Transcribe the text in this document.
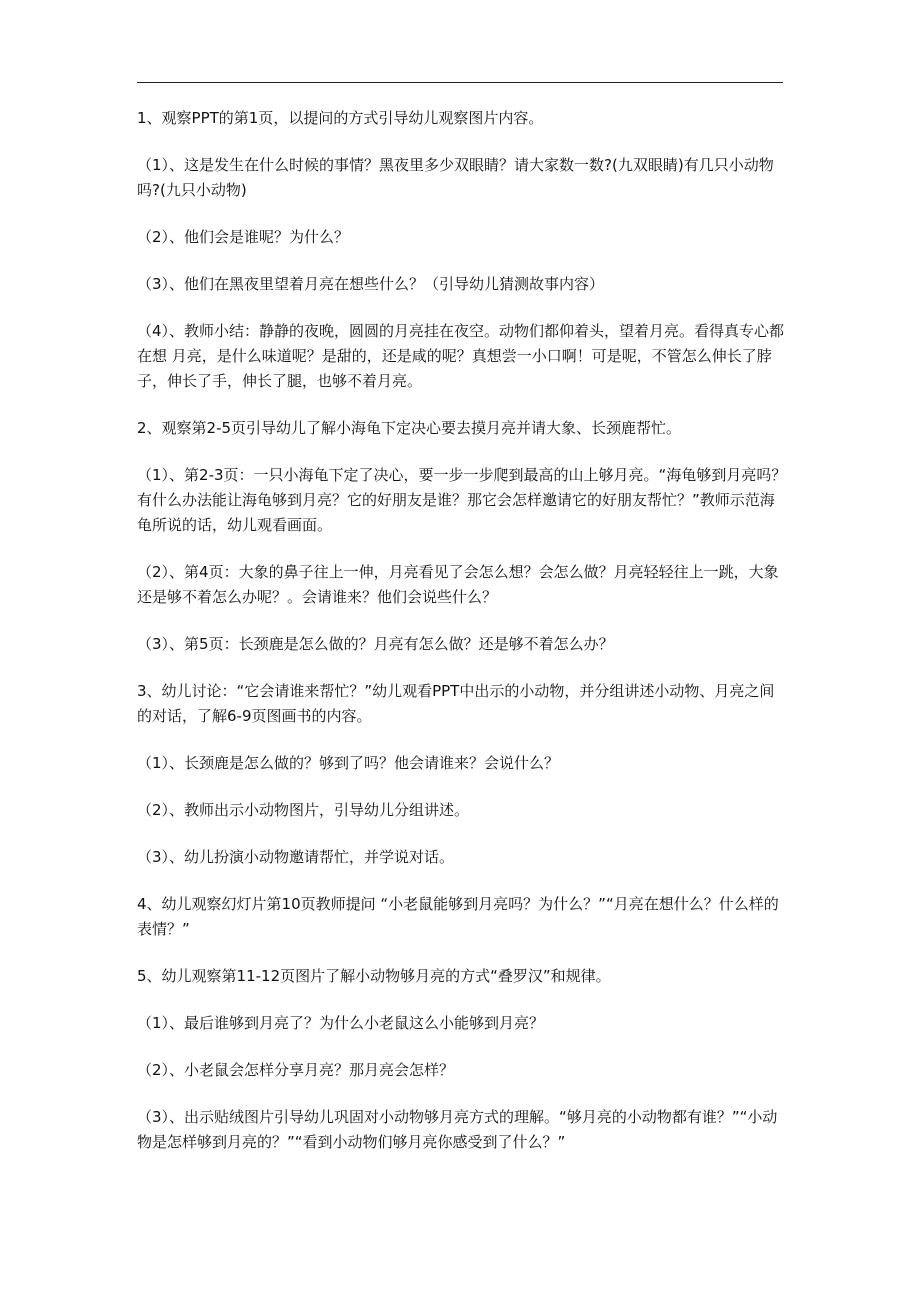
1、观察PPT的第1页，以提问的方式引导幼儿观察图片内容。

（1）、这是发生在什么时候的事情？黑夜里多少双眼睛？请大家数一数?(九双眼睛)有几只小动物吗?(九只小动物)

（2）、他们会是谁呢？为什么？

（3）、他们在黑夜里望着月亮在想些什么？（引导幼儿猜测故事内容）

（4）、教师小结：静静的夜晚，圆圆的月亮挂在夜空。动物们都仰着头，望着月亮。看得真专心都在想 月亮，是什么味道呢？是甜的，还是咸的呢？真想尝一小口啊！可是呢，不管怎么伸长了脖子，伸长了手，伸长了腿，也够不着月亮。

2、观察第2-5页引导幼儿了解小海龟下定决心要去摸月亮并请大象、长颈鹿帮忙。

（1）、第2-3页：一只小海龟下定了决心，要一步一步爬到最高的山上够月亮。“海龟够到月亮吗？有什么办法能让海龟够到月亮？它的好朋友是谁？那它会怎样邀请它的好朋友帮忙？”教师示范海龟所说的话，幼儿观看画面。

（2）、第4页：大象的鼻子往上一伸，月亮看见了会怎么想？会怎么做？月亮轻轻往上一跳，大象还是够不着怎么办呢？。会请谁来？他们会说些什么？

（3）、第5页：长颈鹿是怎么做的？月亮有怎么做？还是够不着怎么办？

3、幼儿讨论：“它会请谁来帮忙？”幼儿观看PPT中出示的小动物，并分组讲述小动物、月亮之间的对话，了解6-9页图画书的内容。

（1）、长颈鹿是怎么做的？够到了吗？他会请谁来？会说什么？

（2）、教师出示小动物图片，引导幼儿分组讲述。

（3）、幼儿扮演小动物邀请帮忙，并学说对话。

4、幼儿观察幻灯片第10页教师提问 “小老鼠能够到月亮吗？为什么？”“月亮在想什么？什么样的表情？”

5、幼儿观察第11-12页图片了解小动物够月亮的方式“叠罗汉”和规律。

（1）、最后谁够到月亮了？为什么小老鼠这么小能够到月亮？

（2）、小老鼠会怎样分享月亮？那月亮会怎样？

（3）、出示贴绒图片引导幼儿巩固对小动物够月亮方式的理解。“够月亮的小动物都有谁？”“小动物是怎样够到月亮的？”“看到小动物们够月亮你感受到了什么？”
